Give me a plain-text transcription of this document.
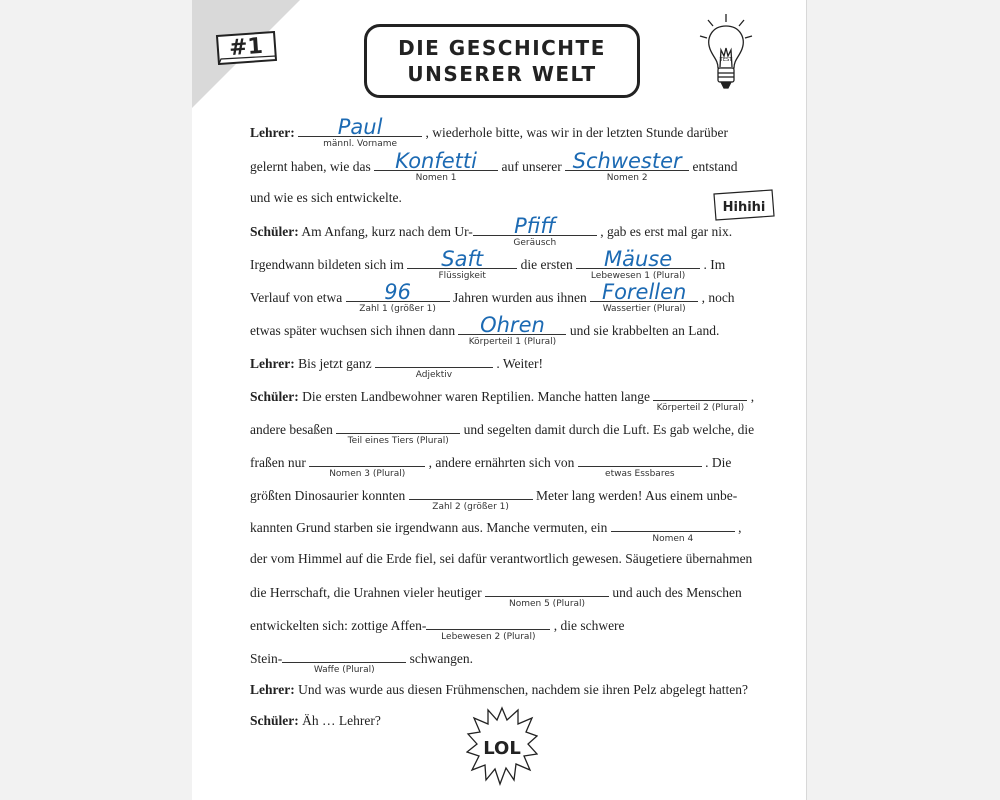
#1	DIE GESCHICHTE
UNSERER WELT
TEST
Hihihi
LOL
Lehrer:	Paul
männl. Vorname
, wiederhole bitte, was wir in der letzten Stunde darüber
gelernt haben, wie das	Konfetti
Nomen 1
auf unserer Schwester
Nomen 2
entstand
und wie es sich entwickelte.
Schüler: Am Anfang, kurz nach dem Ur-	Pfiff
Geräusch
, gab es erst mal gar nix.
Irgendwann bildeten sich im	Saft
Flüssigkeit
die ersten	Mäuse
Lebewesen 1 (Plural)
. Im
Verlauf von etwa	96
Zahl 1 (größer 1)
Jahren wurden aus ihnen Forellen
Wassertier (Plural)
, noch
etwas später wuchsen sich ihnen dann	Ohren
Körperteil 1 (Plural)
und sie krabbelten an Land.
Lehrer: Bis jetzt ganz
Adjektiv
. Weiter!
Schüler: Die ersten Landbewohner waren Reptilien. Manche hatten lange
Körperteil 2 (Plural)
,
andere besaßen
Teil eines Tiers (Plural)
und segelten damit durch die Luft. Es gab welche, die
fraßen nur
Nomen 3 (Plural)
, andere ernährten sich von
etwas Essbares
. Die
größten Dinosaurier konnten
Zahl 2 (größer 1)
Meter lang werden! Aus einem unbe-
kannten Grund starben sie irgendwann aus. Manche vermuten, ein
Nomen 4
,
der vom Himmel auf die Erde fiel, sei dafür verantwortlich gewesen. Säugetiere übernahmen
die Herrschaft, die Urahnen vieler heutiger
Nomen 5 (Plural)
und auch des Menschen
entwickelten sich: zottige Affen-
Lebewesen 2 (Plural)
, die schwere
Stein-
Waffe (Plural)
schwangen.
Lehrer: Und was wurde aus diesen Frühmenschen, nachdem sie ihren Pelz abgelegt hatten?
Schüler: Äh … Lehrer?
